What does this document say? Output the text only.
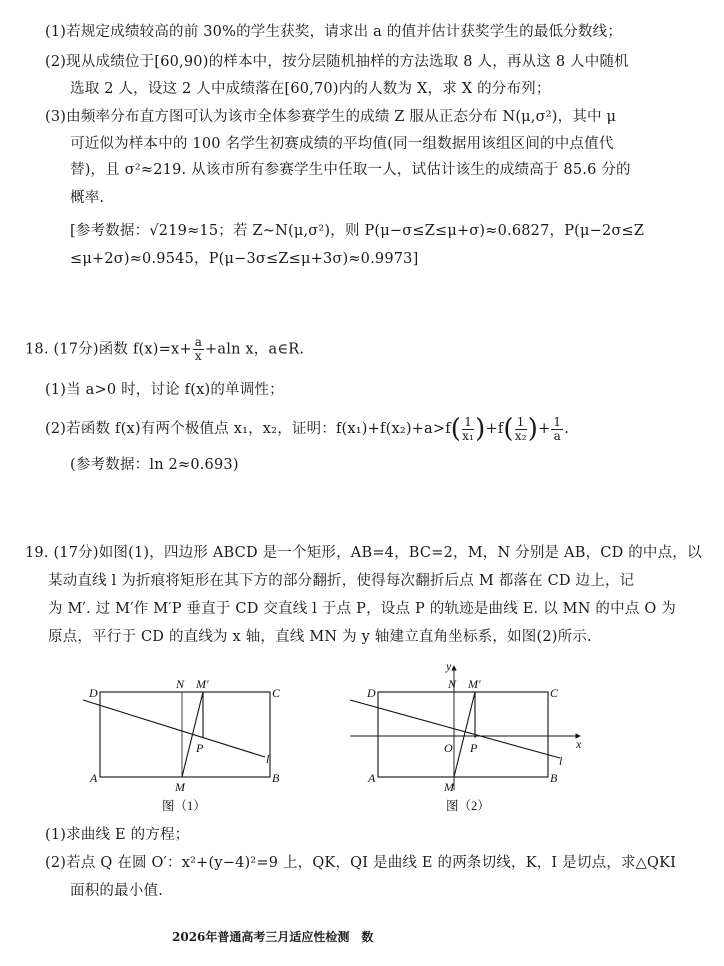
(1)若规定成绩较高的前 30%的学生获奖，请求出 a 的值并估计获奖学生的最低分数线；
(2)现从成绩位于[60,90)的样本中，按分层随机抽样的方法选取 8 人，再从这 8 人中随机
选取 2 人，设这 2 人中成绩落在[60,70)内的人数为 X，求 X 的分布列；
(3)由频率分布直方图可认为该市全体参赛学生的成绩 Z 服从正态分布 N(μ,σ²)，其中 μ
可近似为样本中的 100 名学生初赛成绩的平均值(同一组数据用该组区间的中点值代
替)，且 σ²≈219. 从该市所有参赛学生中任取一人，试估计该生的成绩高于 85.6 分的
概率.
[参考数据：√219≈15；若 Z~N(μ,σ²)，则 P(μ−σ≤Z≤μ+σ)≈0.6827，P(μ−2σ≤Z
≤μ+2σ)≈0.9545，P(μ−3σ≤Z≤μ+3σ)≈0.9973]
18. (17分)函数 $f(x)=x+ \frac{a}{x} +aln$ x，a∈R.
(1)当 a>0 时，讨论 f(x)的单调性；
(2)若函数 f(x)有两个极值点 x₁，x₂，证明：$f(x_1)+f(x_2)+a>f( \frac{1}{\text{x₁}} )+f( \frac{1}{\text{x₂}}$ )+ $\frac{1}{a}$ .
(参考数据：ln 2≈0.693)
19. (17分)如图(1)，四边形 ABCD 是一个矩形，AB=4，BC=2，M，N 分别是 AB，CD 的中点，以
某动直线 l 为折痕将矩形在其下方的部分翻折，使得每次翻折后点 M 都落在 CD 边上，记
为 M′. 过 M′作 M′P 垂直于 CD 交直线 l 于点 P，设点 P 的轨迹是曲线 E. 以 MN 的中点 O 为
原点，平行于 CD 的直线为 x 轴，直线 MN 为 y 轴建立直角坐标系，如图(2)所示.
(1)求曲线 E 的方程；
(2)若点 Q 在圆 O′：x²+(y−4)²=9 上，QK，QI 是曲线 E 的两条切线，K，I 是切点，求△QKI
面积的最小值.
D	C
A	B
N M′
P
M
l
图（1）
D	C
A	B
N M′
P
O
M
x
y
l
图（2）
2026年普通高考三月适应性检测　数
